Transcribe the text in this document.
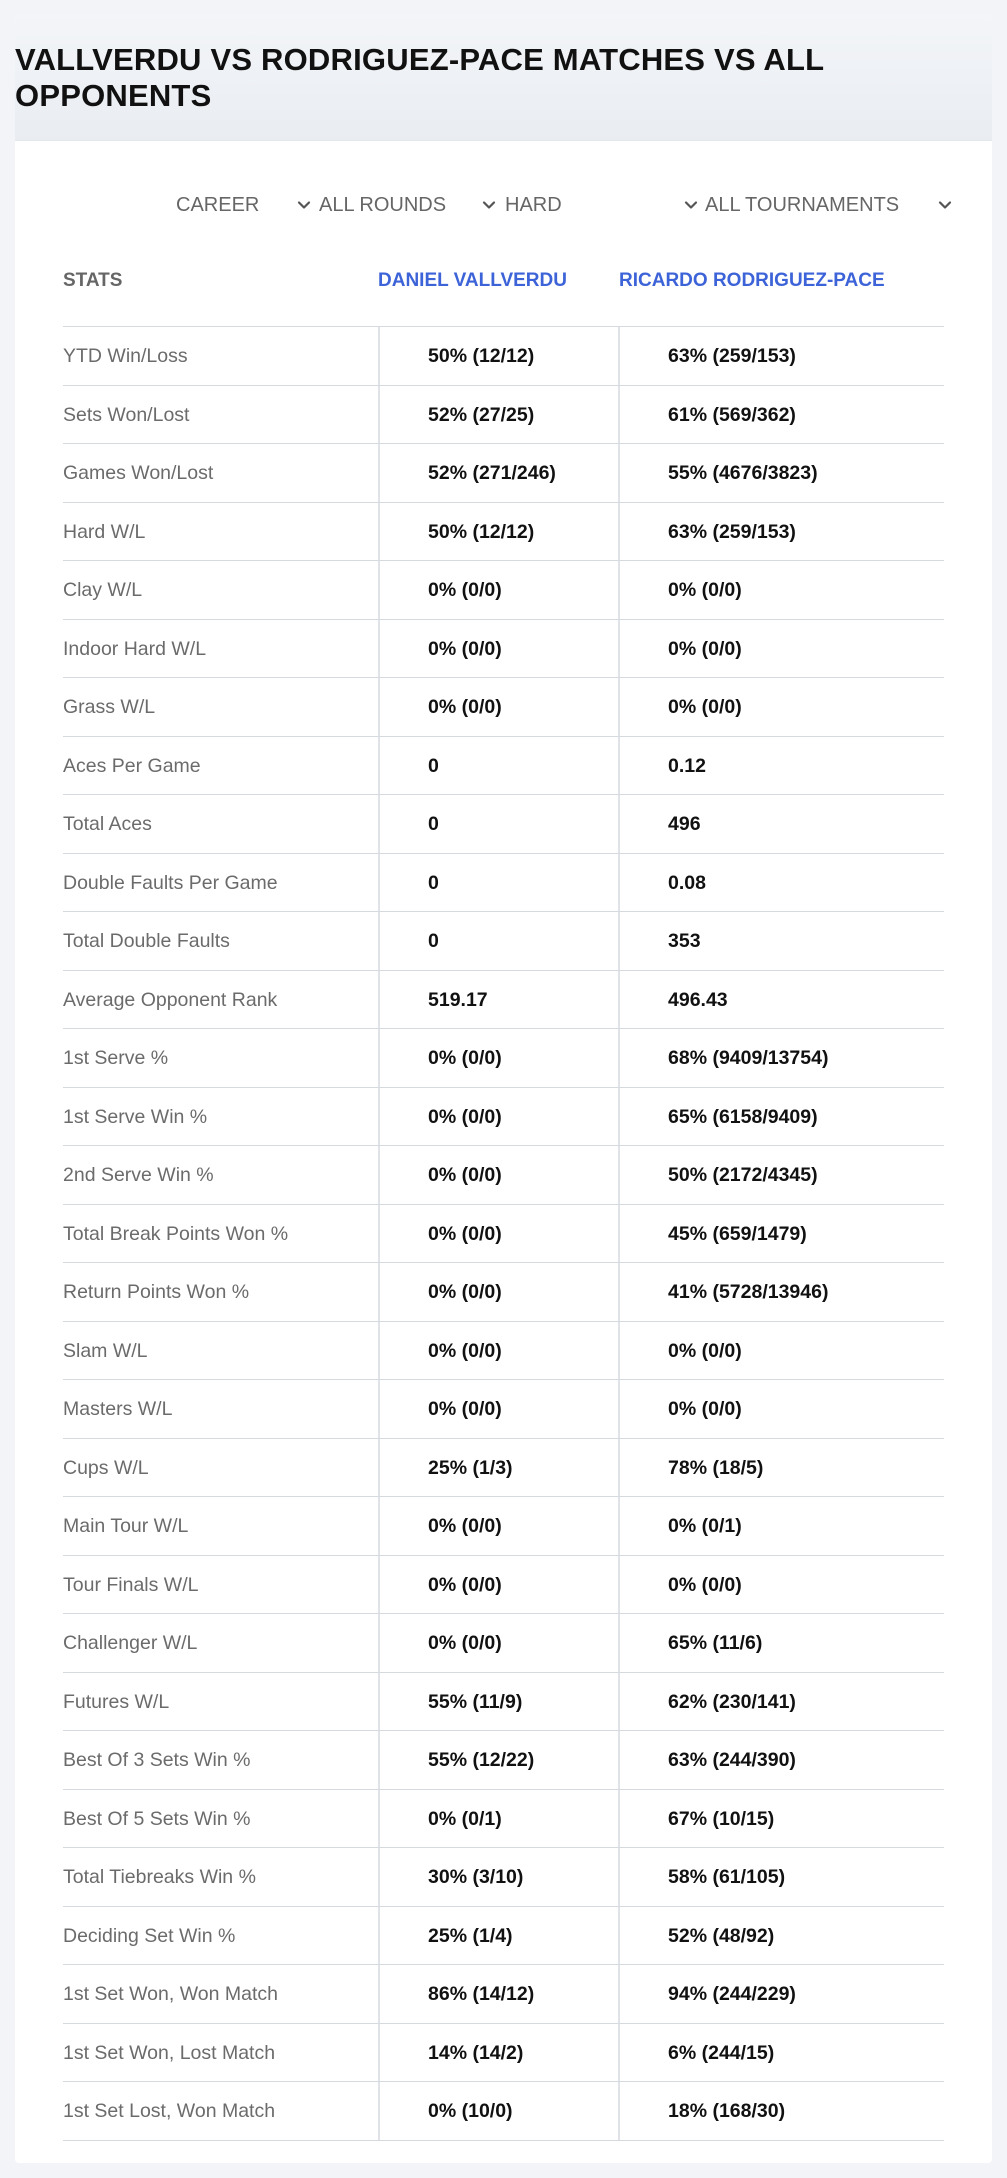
VALLVERDU VS RODRIGUEZ-PACE MATCHES VS ALL OPPONENTS
CAREER	ALL ROUNDS	HARD	ALL TOURNAMENTS
STATS	DANIEL VALLVERDU	RICARDO RODRIGUEZ-PACE
YTD Win/Loss	50% (12/12)	63% (259/153)
Sets Won/Lost	52% (27/25)	61% (569/362)
Games Won/Lost	52% (271/246)	55% (4676/3823)
Hard W/L	50% (12/12)	63% (259/153)
Clay W/L	0% (0/0)	0% (0/0)
Indoor Hard W/L	0% (0/0)	0% (0/0)
Grass W/L	0% (0/0)	0% (0/0)
Aces Per Game	0	0.12
Total Aces	0	496
Double Faults Per Game	0	0.08
Total Double Faults	0	353
Average Opponent Rank	519.17	496.43
1st Serve %	0% (0/0)	68% (9409/13754)
1st Serve Win %	0% (0/0)	65% (6158/9409)
2nd Serve Win %	0% (0/0)	50% (2172/4345)
Total Break Points Won %	0% (0/0)	45% (659/1479)
Return Points Won %	0% (0/0)	41% (5728/13946)
Slam W/L	0% (0/0)	0% (0/0)
Masters W/L	0% (0/0)	0% (0/0)
Cups W/L	25% (1/3)	78% (18/5)
Main Tour W/L	0% (0/0)	0% (0/1)
Tour Finals W/L	0% (0/0)	0% (0/0)
Challenger W/L	0% (0/0)	65% (11/6)
Futures W/L	55% (11/9)	62% (230/141)
Best Of 3 Sets Win %	55% (12/22)	63% (244/390)
Best Of 5 Sets Win %	0% (0/1)	67% (10/15)
Total Tiebreaks Win %	30% (3/10)	58% (61/105)
Deciding Set Win %	25% (1/4)	52% (48/92)
1st Set Won, Won Match	86% (14/12)	94% (244/229)
1st Set Won, Lost Match	14% (14/2)	6% (244/15)
1st Set Lost, Won Match	0% (10/0)	18% (168/30)
